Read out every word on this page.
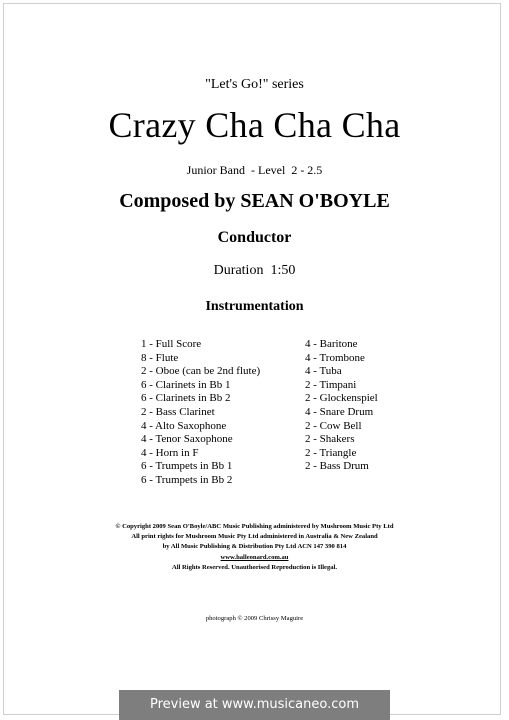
"Let's Go!" series
Crazy Cha Cha Cha
Junior Band  - Level  2 - 2.5
Composed by SEAN O'BOYLE
Conductor
Duration  1:50
Instrumentation
1 - Full Score
8 - Flute
2 - Oboe (can be 2nd flute)
6 - Clarinets in Bb 1
6 - Clarinets in Bb 2
2 - Bass Clarinet
4 - Alto Saxophone
4 - Tenor Saxophone
4 - Horn in F
6 - Trumpets in Bb 1
6 - Trumpets in Bb 2
4 - Baritone
4 - Trombone
4 - Tuba
2 - Timpani
2 - Glockenspiel
4 - Snare Drum
2 - Cow Bell
2 - Shakers
2 - Triangle
2 - Bass Drum
© Copyright 2009 Sean O'Boyle/ABC Music Publishing administered by Mushroom Music Pty Ltd
All print rights for Mushroom Music Pty Ltd administered in Australia & New Zealand
by All Music Publishing & Distribution Pty Ltd ACN 147 390 814
www.halleonard.com.au
All Rights Reserved. Unauthorised Reproduction is Illegal.
photograph © 2009 Chrissy Maguire
Preview at www.musicaneo.com
